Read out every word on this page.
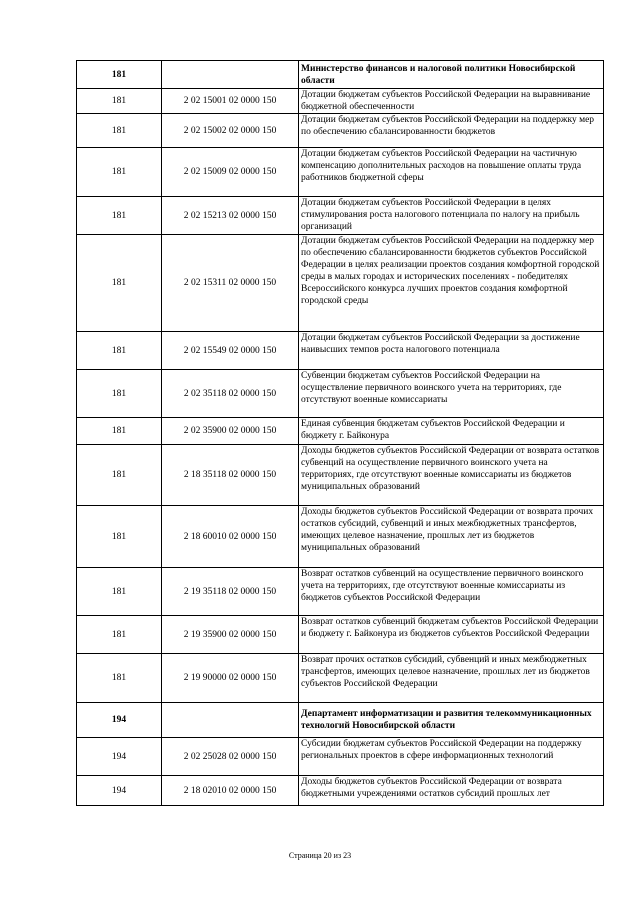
181		Министерство финансов и налоговой политики Новосибирской области
181	2 02 15001 02 0000 150	Дотации бюджетам субъектов Российской Федерации на выравнивание бюджетной обеспеченности
181	2 02 15002 02 0000 150	Дотации бюджетам субъектов Российской Федерации на поддержку мер по обеспечению сбалансированности бюджетов
181	2 02 15009 02 0000 150	Дотации бюджетам субъектов Российской Федерации на частичную компенсацию дополнительных расходов на повышение оплаты труда работников бюджетной сферы
181	2 02 15213 02 0000 150	Дотации бюджетам субъектов Российской Федерации в целях стимулирования роста налогового потенциала по налогу на прибыль организаций
181	2 02 15311 02 0000 150	Дотации бюджетам субъектов Российской Федерации на поддержку мер по обеспечению сбалансированности бюджетов субъектов Российской Федерации в целях реализации проектов создания комфортной городской среды в малых городах и исторических поселениях - победителях Всероссийского конкурса лучших проектов создания комфортной городской среды
181	2 02 15549 02 0000 150	Дотации бюджетам субъектов Российской Федерации за достижение наивысших темпов роста налогового потенциала
181	2 02 35118 02 0000 150	Субвенции бюджетам субъектов Российской Федерации на осуществление первичного воинского учета на территориях, где отсутствуют военные комиссариаты
181	2 02 35900 02 0000 150	Единая субвенция бюджетам субъектов Российской Федерации и бюджету г. Байконура
181	2 18 35118 02 0000 150	Доходы бюджетов субъектов Российской Федерации от возврата остатков субвенций на осуществление первичного воинского учета на территориях, где отсутствуют военные комиссариаты из бюджетов муниципальных образований
181	2 18 60010 02 0000 150	Доходы бюджетов субъектов Российской Федерации от возврата прочих остатков субсидий, субвенций и иных межбюджетных трансфертов, имеющих целевое назначение, прошлых лет из бюджетов муниципальных образований
181	2 19 35118 02 0000 150	Возврат остатков субвенций на осуществление первичного воинского учета на территориях, где отсутствуют военные комиссариаты из бюджетов субъектов Российской Федерации
181	2 19 35900 02 0000 150	Возврат остатков субвенций бюджетам субъектов Российской Федерации и бюджету г. Байконура из бюджетов субъектов Российской Федерации
181	2 19 90000 02 0000 150	Возврат прочих остатков субсидий, субвенций и иных межбюджетных трансфертов, имеющих целевое назначение, прошлых лет из бюджетов субъектов Российской Федерации
194		Департамент информатизации и развития телекоммуникационных технологий Новосибирской области
194	2 02 25028 02 0000 150	Субсидии бюджетам субъектов Российской Федерации на поддержку региональных проектов в сфере информационных технологий
194	2 18 02010 02 0000 150	Доходы бюджетов субъектов Российской Федерации от возврата бюджетными учреждениями остатков субсидий прошлых лет
Страница 20 из 23
